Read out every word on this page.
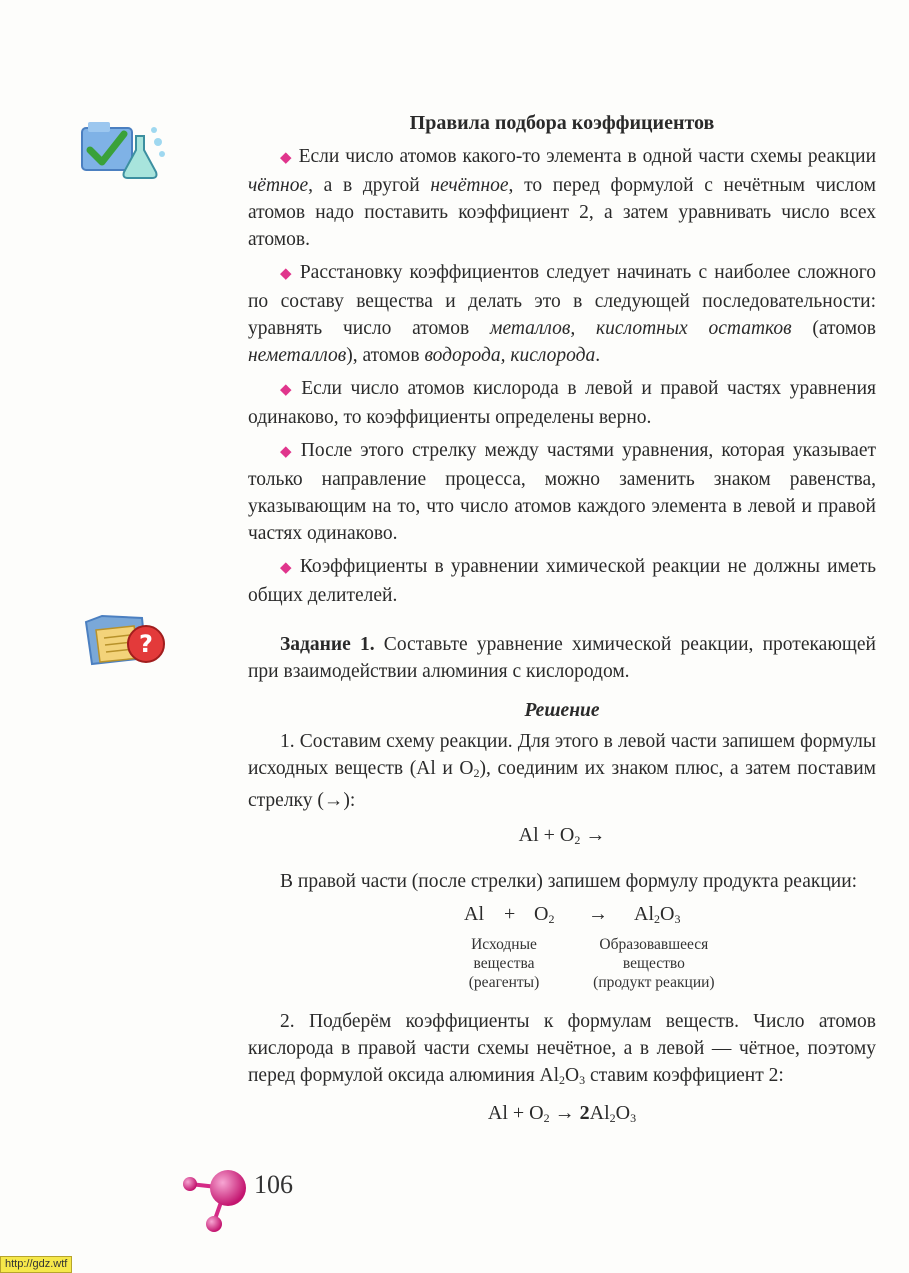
?

Правила подбора коэффициентов

◆ Если число атомов какого-то элемента в одной части схемы реакции чётное, а в другой нечётное, то перед формулой с нечётным числом атомов надо поставить коэффициент 2, а затем уравнивать число всех атомов.

◆ Расстановку коэффициентов следует начинать с наиболее сложного по составу вещества и делать это в следующей последовательности: уравнять число атомов металлов, кислотных остатков (атомов неметаллов), атомов водорода, кислорода.

◆ Если число атомов кислорода в левой и правой частях уравнения одинаково, то коэффициенты определены верно.

◆ После этого стрелку между частями уравнения, которая указывает только направление процесса, можно заменить знаком равенства, указывающим на то, что число атомов каждого элемента в левой и правой частях одинаково.

◆ Коэффициенты в уравнении химической реакции не должны иметь общих делителей.

Задание 1. Составьте уравнение химической реакции, протекающей при взаимодействии алюминия с кислородом.

Решение

1. Составим схему реакции. Для этого в левой части запишем формулы исходных веществ (Al и $O_2$), соединим их знаком плюс, а затем поставим стрелку (→):

$Al + O_2$ →

В правой части (после стрелки) запишем формулу продукта реакции:

$Al + O_2 \to Al_2O_3$
Исходные
вещества
(реагенты)

Образовавшееся
вещество
(продукт реакции)

2. Подберём коэффициенты к формулам веществ. Число атомов кислорода в правой части схемы нечётное, а в левой — чётное, поэтому перед формулой оксида алюминия $Al_2O_3$ ставим коэффициент 2:

$Al + O_2 \to 2Al_2O_3$
106
http://gdz.wtf
